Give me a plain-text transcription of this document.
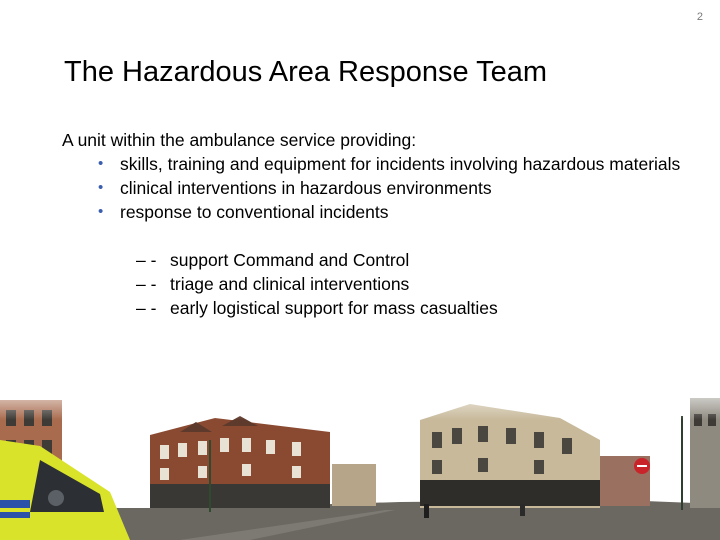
2
The Hazardous Area Response Team

A unit within the ambulance service providing:

• skills, training and equipment for incidents involving hazardous materials
• clinical interventions in hazardous environments
• response to conventional incidents
– - support Command and Control
– - triage and clinical interventions
– - early logistical support for mass casualties
